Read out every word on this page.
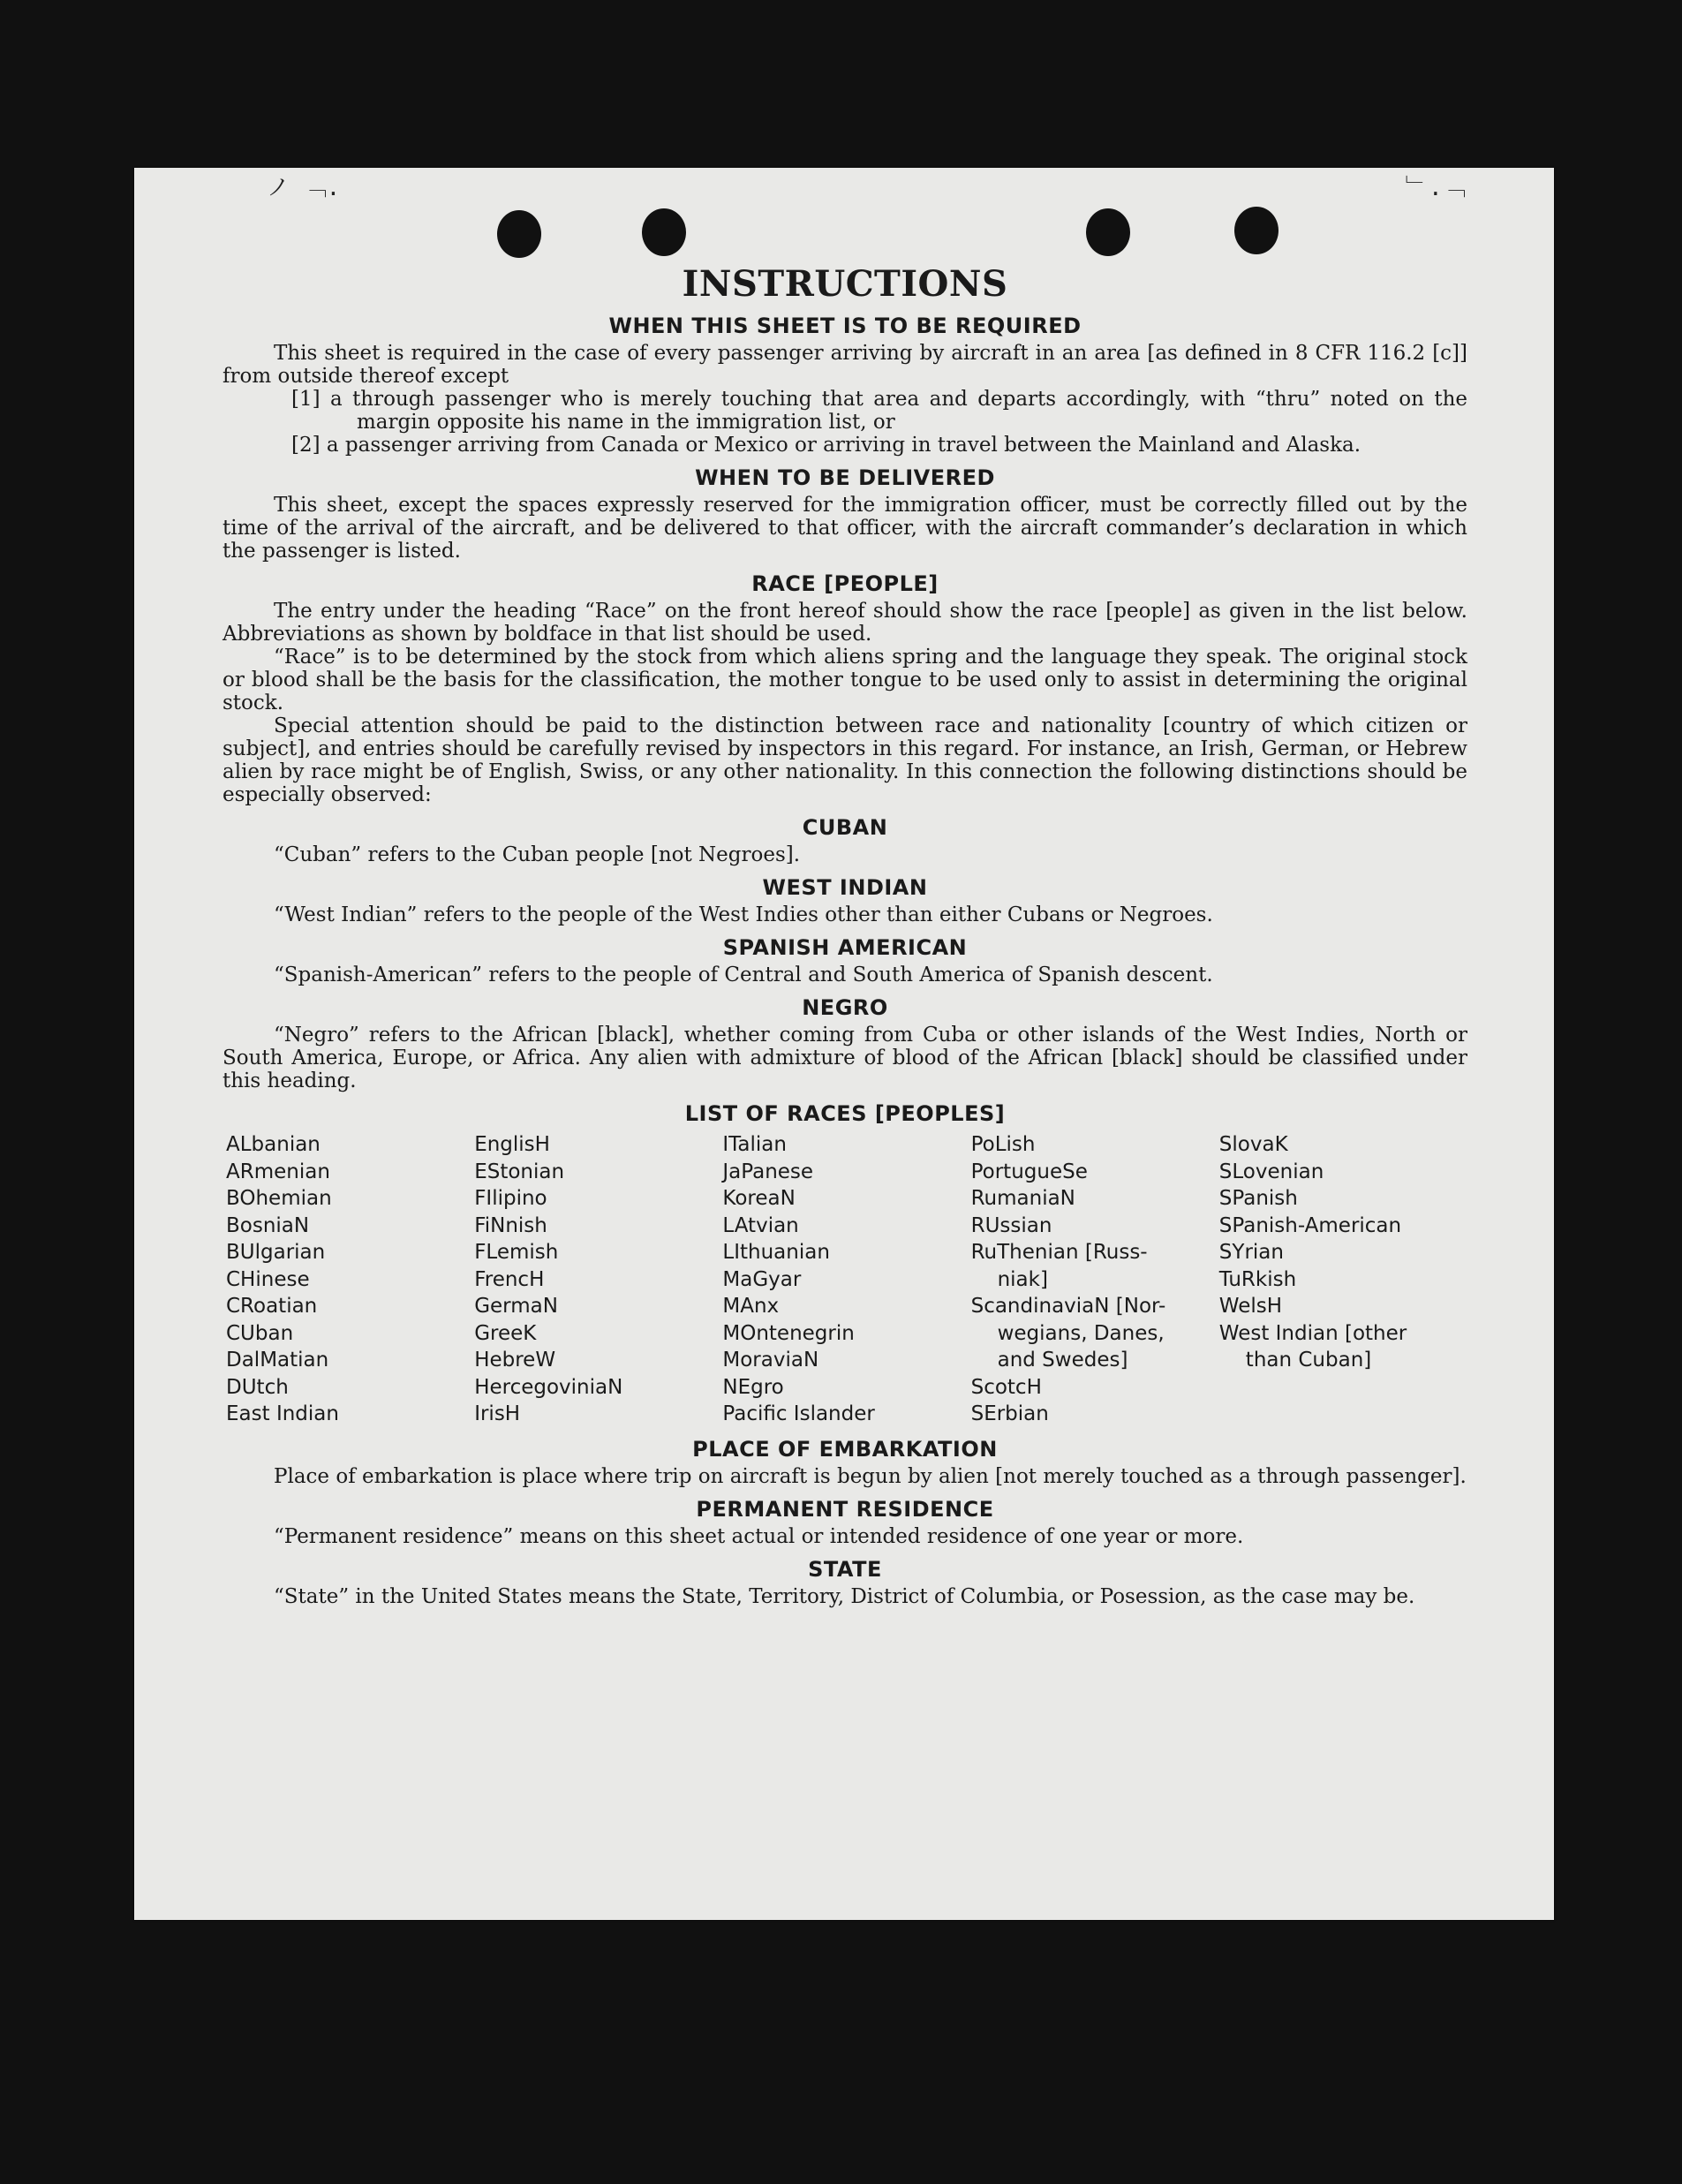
ノ ﹁.	﹂.﹁
INSTRUCTIONS
WHEN THIS SHEET IS TO BE REQUIRED

This sheet is required in the case of every passenger arriving by aircraft in an area [as defined in 8 CFR 116.2 [c]] from outside thereof except

[1] a through passenger who is merely touching that area and departs accordingly, with “thru” noted on the margin opposite his name in the immigration list, or

[2] a passenger arriving from Canada or Mexico or arriving in travel between the Mainland and Alaska.

WHEN TO BE DELIVERED

This sheet, except the spaces expressly reserved for the immigration officer, must be correctly filled out by the time of the arrival of the aircraft, and be delivered to that officer, with the aircraft commander’s declaration in which the passenger is listed.

RACE [PEOPLE]

The entry under the heading “Race” on the front hereof should show the race [people] as given in the list below. Abbreviations as shown by boldface in that list should be used.

“Race” is to be determined by the stock from which aliens spring and the language they speak. The original stock or blood shall be the basis for the classification, the mother tongue to be used only to assist in determining the original stock.

Special attention should be paid to the distinction between race and nationality [country of which citizen or subject], and entries should be carefully revised by inspectors in this regard. For instance, an Irish, German, or Hebrew alien by race might be of English, Swiss, or any other nationality. In this connection the following distinctions should be especially observed:

CUBAN

“Cuban” refers to the Cuban people [not Negroes].

WEST INDIAN

“West Indian” refers to the people of the West Indies other than either Cubans or Negroes.

SPANISH AMERICAN

“Spanish-American” refers to the people of Central and South America of Spanish descent.

NEGRO

“Negro” refers to the African [black], whether coming from Cuba or other islands of the West Indies, North or South America, Europe, or Africa. Any alien with admixture of blood of the African [black] should be classified under this heading.

LIST OF RACES [PEOPLES]
ALbanian
ARmenian
BOhemian
BosniaN
BUlgarian
CHinese
CRoatian
CUban
DalMatian
DUtch
East Indian
EnglisH
EStonian
FIlipino
FiNnish
FLemish
FrencH
GermaN
GreeK
HebreW
HercegoviniaN
IrisH
ITalian
JaPanese
KoreaN
LAtvian
LIthuanian
MaGyar
MAnx
MOntenegrin
MoraviaN
NEgro
Pacific Islander
PoLish
PortugueSe
RumaniaN
RUssian
RuThenian [Russ-
niak]
ScandinaviaN [Nor-
wegians, Danes,
and Swedes]
ScotcH
SErbian
SlovaK
SLovenian
SPanish
SPanish-American
SYrian
TuRkish
WelsH
West Indian [other
than Cuban]
PLACE OF EMBARKATION

Place of embarkation is place where trip on aircraft is begun by alien [not merely touched as a through passenger].

PERMANENT RESIDENCE

“Permanent residence” means on this sheet actual or intended residence of one year or more.

STATE

“State” in the United States means the State, Territory, District of Columbia, or Posession, as the case may be.
